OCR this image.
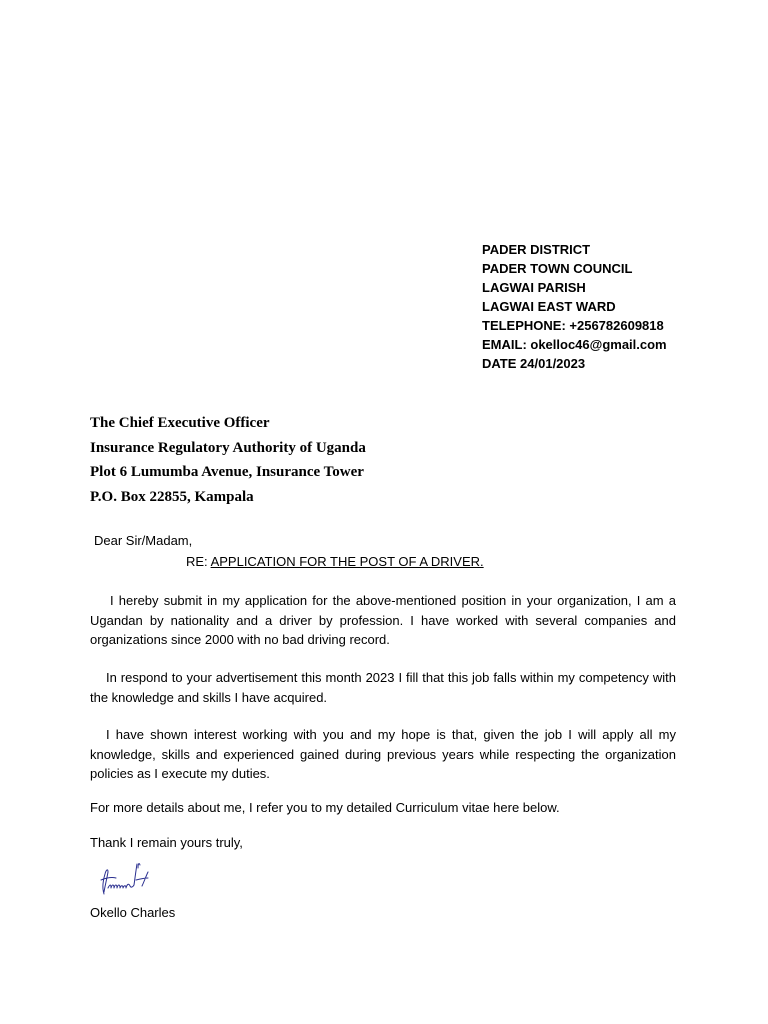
PADER DISTRICT
PADER TOWN COUNCIL
LAGWAI PARISH
LAGWAI EAST WARD
TELEPHONE: +256782609818
EMAIL: okelloc46@gmail.com
DATE 24/01/2023
The Chief Executive Officer
Insurance Regulatory Authority of Uganda
Plot 6 Lumumba Avenue, Insurance Tower
P.O. Box 22855, Kampala
Dear Sir/Madam,
RE: APPLICATION FOR THE POST OF A DRIVER.
I hereby submit in my application for the above-mentioned position in your organization, I am a Ugandan by nationality and a driver by profession. I have worked with several companies and organizations since 2000 with no bad driving record.
In respond to your advertisement this month 2023 I fill that this job falls within my competency with the knowledge and skills I have acquired.
I have shown interest working with you and my hope is that, given the job I will apply all my knowledge, skills and experienced gained during previous years while respecting the organization policies as I execute my duties.
For more details about me, I refer you to my detailed Curriculum vitae here below.
Thank I remain yours truly,
Okello Charles
